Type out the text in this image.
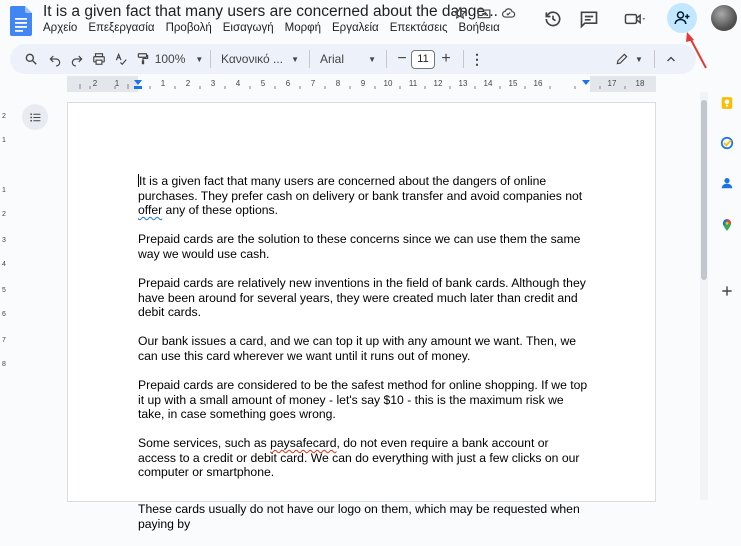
It is a given fact that many users are concerned about the dange...
Αρχείο Επεξεργασία Προβολή Εισαγωγή Μορφή Εργαλεία Επεκτάσεις Βοήθεια
100% ▼ Κανονικό ... ▼ Arial	▼ − 11 + ⋮	▼
2 1	1	2	3	4	5	6	7	8	9 10 11 12 13 14 15 16	17 18
2
1
1
2
3
4
5
6
7
8

It is a given fact that many users are concerned about the dangers of online purchases. They prefer cash on delivery or bank transfer and avoid companies not offer any of these options.

Prepaid cards are the solution to these concerns since we can use them the same way we would use cash.

Prepaid cards are relatively new inventions in the field of bank cards. Although they have been around for several years, they were created much later than credit and debit cards.

Our bank issues a card, and we can top it up with any amount we want. Then, we can use this card wherever we want until it runs out of money.

Prepaid cards are considered to be the safest method for online shopping. If we top it up with a small amount of money - let's say $10 - this is the maximum risk we take, in case something goes wrong.

Some services, such as paysafecard, do not even require a bank account or access to a credit or debit card. We can do everything with just a few clicks on our computer or smartphone.

These cards usually do not have our logo on them, which may be requested when paying by
